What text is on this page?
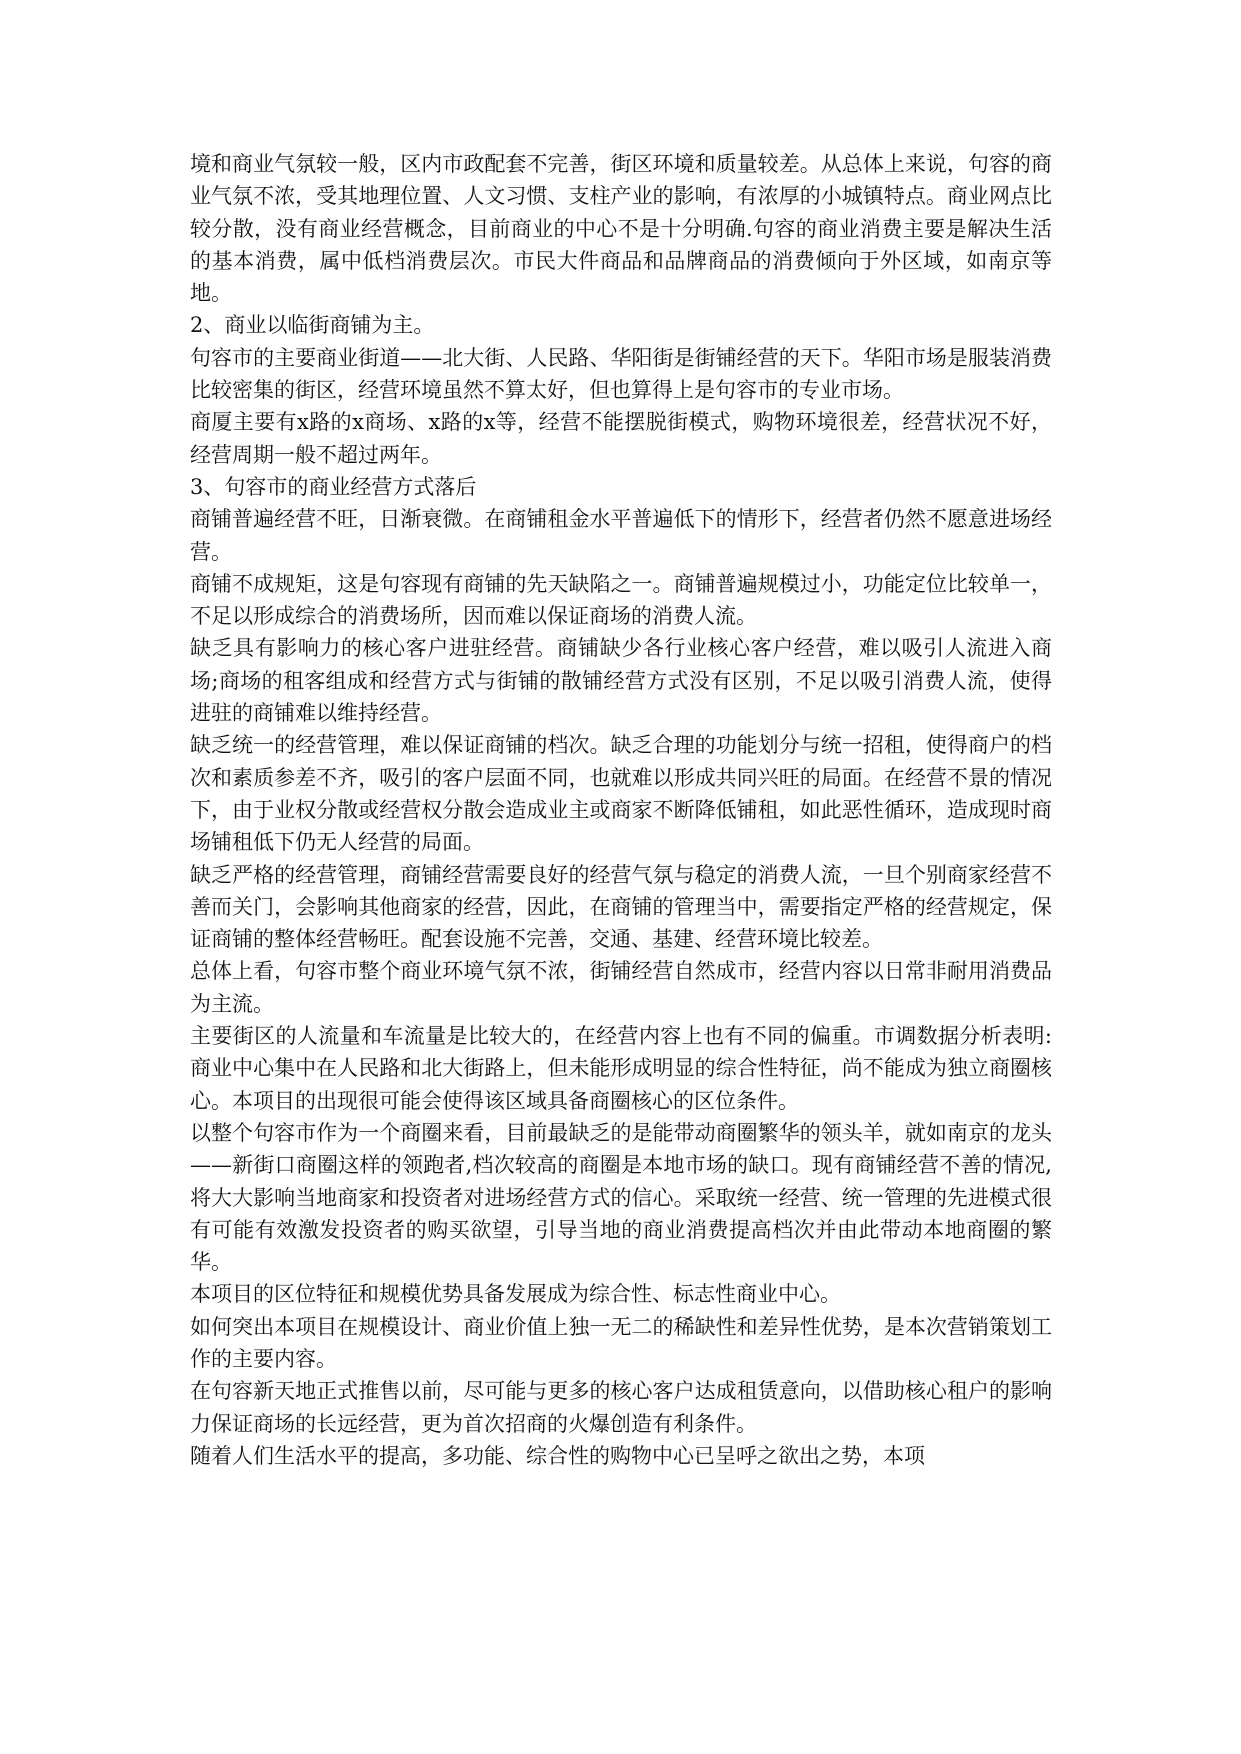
境和商业气氛较一般，区内市政配套不完善，街区环境和质量较差。从总体上来说，句容的商业气氛不浓，受其地理位置、人文习惯、支柱产业的影响，有浓厚的小城镇特点。商业网点比较分散，没有商业经营概念，目前商业的中心不是十分明确.句容的商业消费主要是解决生活的基本消费，属中低档消费层次。市民大件商品和品牌商品的消费倾向于外区域，如南京等地。

2、商业以临街商铺为主。

句容市的主要商业街道——北大街、人民路、华阳街是街铺经营的天下。华阳市场是服装消费比较密集的街区，经营环境虽然不算太好，但也算得上是句容市的专业市场。

商厦主要有x路的x商场、x路的x等，经营不能摆脱街模式，购物环境很差，经营状况不好，经营周期一般不超过两年。

3、句容市的商业经营方式落后

商铺普遍经营不旺，日渐衰微。在商铺租金水平普遍低下的情形下，经营者仍然不愿意进场经营。

商铺不成规矩，这是句容现有商铺的先天缺陷之一。商铺普遍规模过小，功能定位比较单一，不足以形成综合的消费场所，因而难以保证商场的消费人流。

缺乏具有影响力的核心客户进驻经营。商铺缺少各行业核心客户经营，难以吸引人流进入商场;商场的租客组成和经营方式与街铺的散铺经营方式没有区别，不足以吸引消费人流，使得进驻的商铺难以维持经营。

缺乏统一的经营管理，难以保证商铺的档次。缺乏合理的功能划分与统一招租，使得商户的档次和素质参差不齐，吸引的客户层面不同，也就难以形成共同兴旺的局面。在经营不景的情况下，由于业权分散或经营权分散会造成业主或商家不断降低铺租，如此恶性循环，造成现时商场铺租低下仍无人经营的局面。

缺乏严格的经营管理，商铺经营需要良好的经营气氛与稳定的消费人流，一旦个别商家经营不善而关门，会影响其他商家的经营，因此，在商铺的管理当中，需要指定严格的经营规定，保证商铺的整体经营畅旺。配套设施不完善，交通、基建、经营环境比较差。

总体上看，句容市整个商业环境气氛不浓，街铺经营自然成市，经营内容以日常非耐用消费品为主流。

主要街区的人流量和车流量是比较大的，在经营内容上也有不同的偏重。市调数据分析表明:商业中心集中在人民路和北大街路上，但未能形成明显的综合性特征，尚不能成为独立商圈核心。本项目的出现很可能会使得该区域具备商圈核心的区位条件。

以整个句容市作为一个商圈来看，目前最缺乏的是能带动商圈繁华的领头羊，就如南京的龙头——新街口商圈这样的领跑者,档次较高的商圈是本地市场的缺口。现有商铺经营不善的情况,将大大影响当地商家和投资者对进场经营方式的信心。采取统一经营、统一管理的先进模式很有可能有效激发投资者的购买欲望，引导当地的商业消费提高档次并由此带动本地商圈的繁华。

本项目的区位特征和规模优势具备发展成为综合性、标志性商业中心。

如何突出本项目在规模设计、商业价值上独一无二的稀缺性和差异性优势，是本次营销策划工作的主要内容。

在句容新天地正式推售以前，尽可能与更多的核心客户达成租赁意向，以借助核心租户的影响力保证商场的长远经营，更为首次招商的火爆创造有利条件。

随着人们生活水平的提高，多功能、综合性的购物中心已呈呼之欲出之势，本项
